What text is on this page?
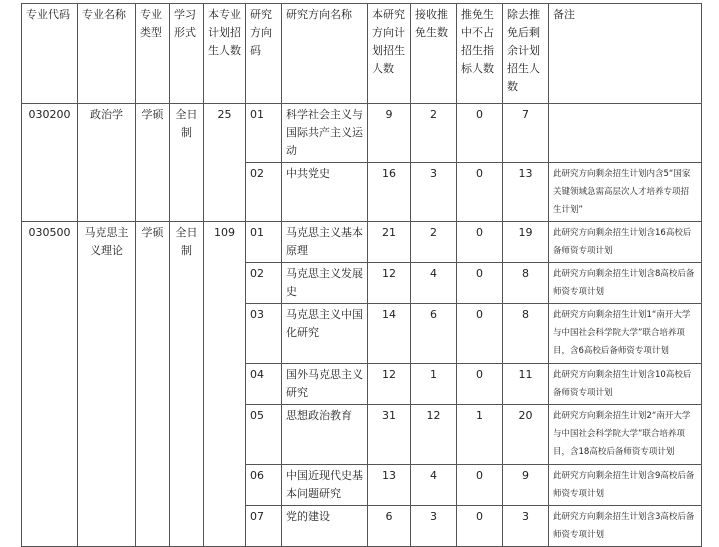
专业代码	专业名称	专业类型	学习形式	本专业计划招生人数	研究方向码	研究方向名称	本研究方向计划招生人数	接收推免生数	推免生中不占招生指标人数	除去推免后剩余计划招生人数	备注
030200	政治学	学硕	全日制	25	01	科学社会主义与国际共产主义运动	9	2	0	7	
					02	中共党史	16	3	0	13	此研究方向剩余招生计划内含5“国家关键领域急需高层次人才培养专项招生计划”
030500	马克思主义理论	学硕	全日制	109	01	马克思主义基本原理	21	2	0	19	此研究方向剩余招生计划含16高校后备师资专项计划
					02	马克思主义发展史	12	4	0	8	此研究方向剩余招生计划含8高校后备师资专项计划
					03	马克思主义中国化研究	14	6	0	8	此研究方向剩余招生计划1“南开大学与中国社会科学院大学”联合培养项目，含6高校后备师资专项计划
					04	国外马克思主义研究	12	1	0	11	此研究方向剩余招生计划含10高校后备师资专项计划
					05	思想政治教育	31	12	1	20	此研究方向剩余招生计划2“南开大学与中国社会科学院大学”联合培养项目，含18高校后备师资专项计划
					06	中国近现代史基本问题研究	13	4	0	9	此研究方向剩余招生计划含9高校后备师资专项计划
					07	党的建设	6	3	0	3	此研究方向剩余招生计划含3高校后备师资专项计划
